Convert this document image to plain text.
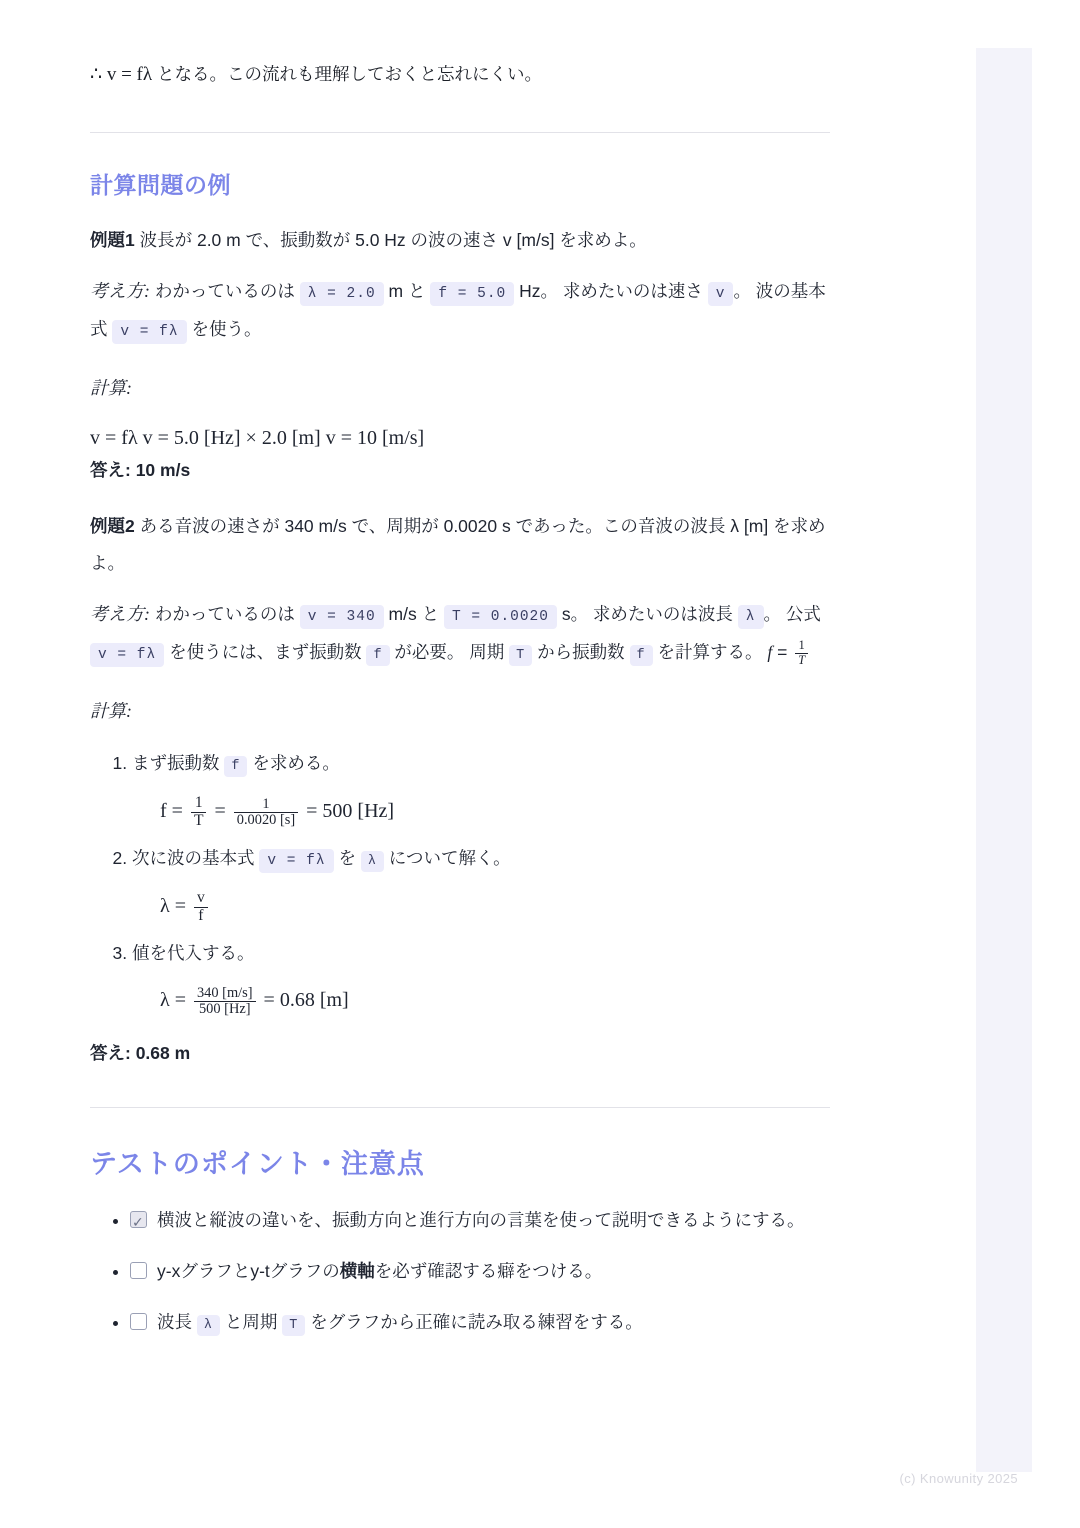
∴ v = fλ となる。この流れも理解しておくと忘れにくい。

計算問題の例

例題1 波長が 2.0 m で、振動数が 5.0 Hz の波の速さ v [m/s] を求めよ。

考え方: わかっているのは λ = 2.0 m と f = 5.0 Hz。 求めたいのは速さ v 。 波の基本式 v = fλ を使う。

計算:

v = fλ v = 5.0 [Hz] × 2.0 [m] v = 10 [m/s]

答え: 10 m/s

例題2 ある音波の速さが 340 m/s で、周期が 0.0020 s であった。この音波の波長 λ [m] を求めよ。

考え方: わかっているのは v = 340 m/s と T = 0.0020 s。 求めたいのは波長 λ 。 公式 v = fλ を使うには、まず振動数 f が必要。 周期 T から振動数 f を計算する。 $f = \frac{1}{T}$

計算:

1. まず振動数 f を求める。
$f = \frac{1}{T} = \frac{1}{0.0020 [s]} = 500$ [Hz]
2. 次に波の基本式 v = fλ を λ について解く。
$\lambda = \frac{v}{f}$
3. 値を代入する。
$\lambda = \frac{340 [m/s]}{500 [Hz]} = 0.68$ [m]

答え: 0.68 m

テストのポイント・注意点
✓• 横波と縦波の違いを、振動方向と進行方向の言葉を使って説明できるようにする。
• y-xグラフとy-tグラフの横軸を必ず確認する癖をつける。
• 波長 λ と周期 T をグラフから正確に読み取る練習をする。
(c) Knowunity 2025
